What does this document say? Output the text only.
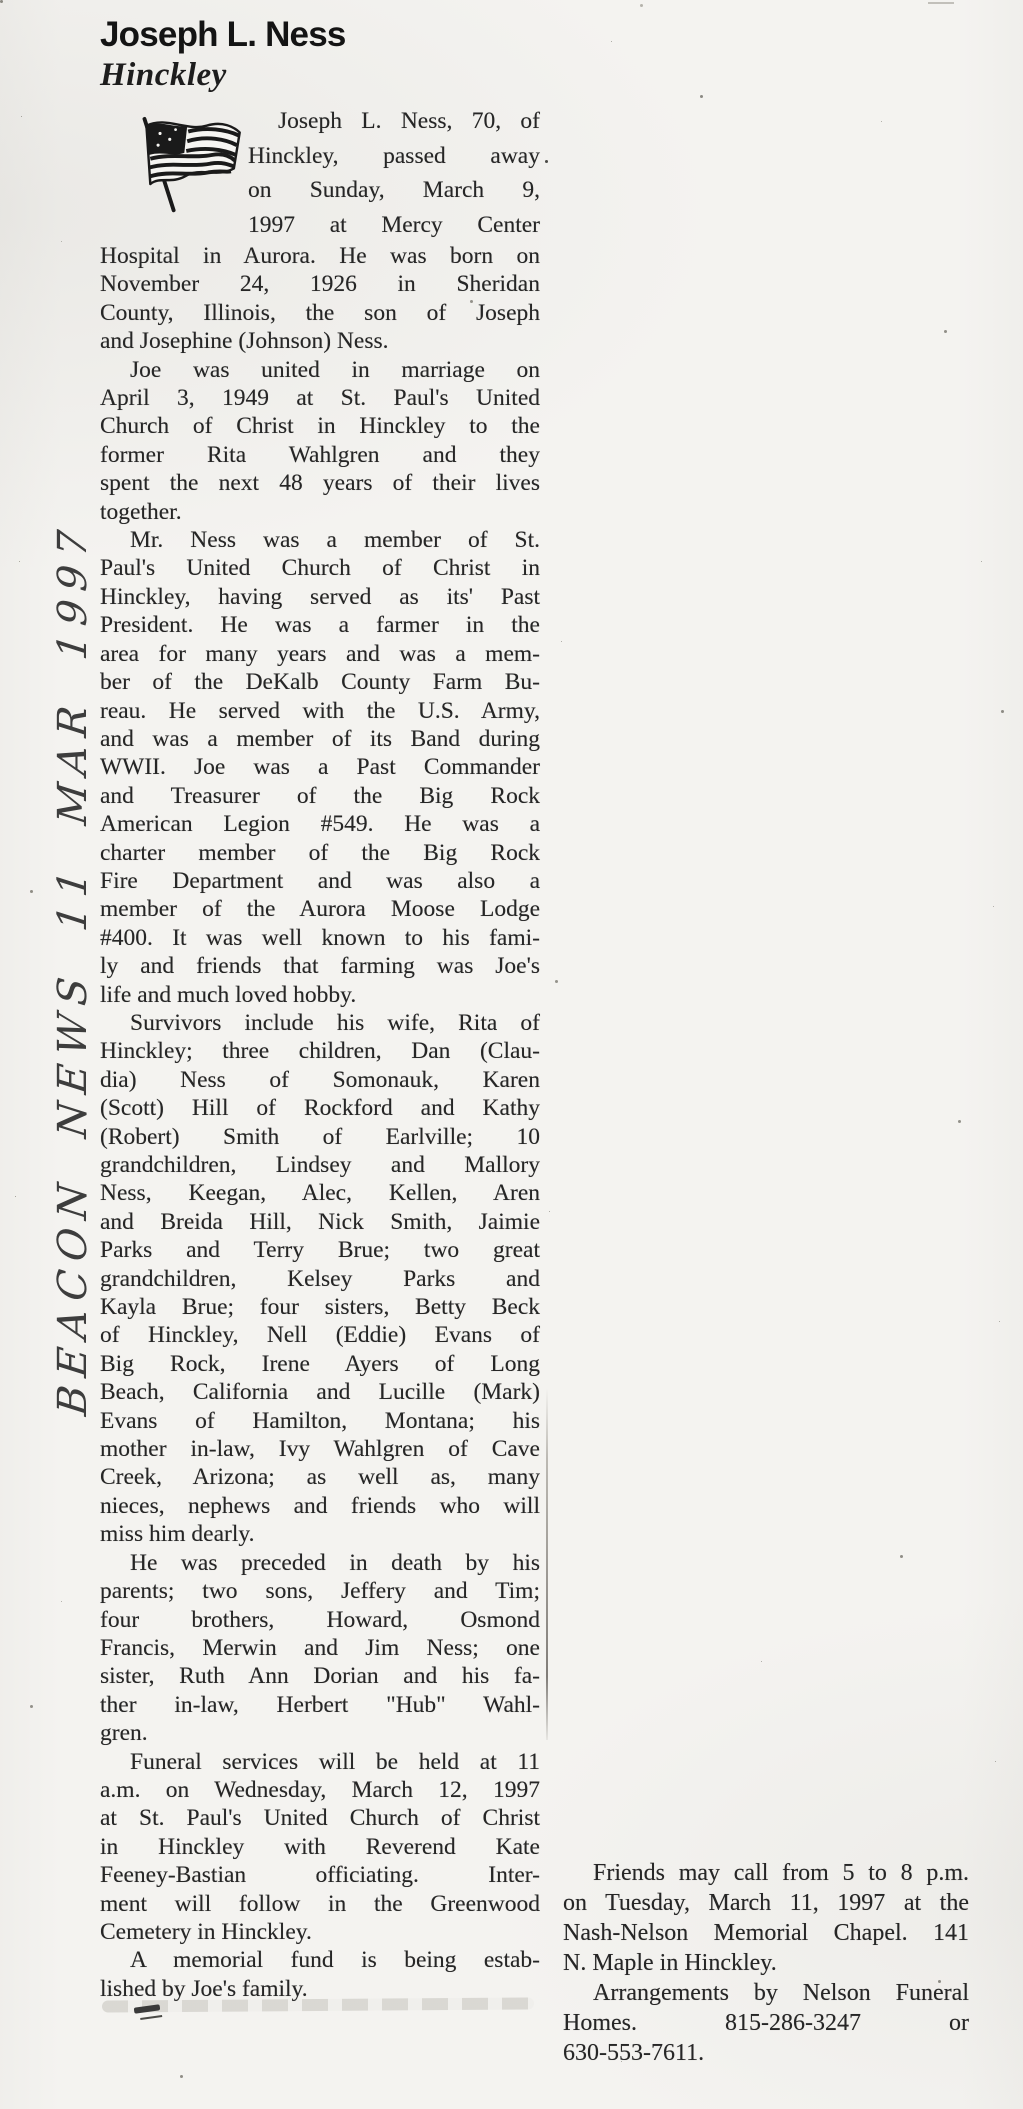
BEACON NEWS 11 MAR 1997
Joseph L. Ness
Hinckley
Joseph L. Ness, 70, of
Hinckley, passed away
on Sunday, March 9,
1997 at Mercy Center
Hospital in Aurora. He was born on
November 24, 1926 in Sheridan
County, Illinois, the son of Joseph
and Josephine (Johnson) Ness.
Joe was united in marriage on
April 3, 1949 at St. Paul's United
Church of Christ in Hinckley to the
former Rita Wahlgren and they
spent the next 48 years of their lives
together.
Mr. Ness was a member of St.
Paul's United Church of Christ in
Hinckley, having served as its' Past
President. He was a farmer in the
area for many years and was a mem-
ber of the DeKalb County Farm Bu-
reau. He served with the U.S. Army,
and was a member of its Band during
WWII. Joe was a Past Commander
and Treasurer of the Big Rock
American Legion #549. He was a
charter member of the Big Rock
Fire Department and was also a
member of the Aurora Moose Lodge
#400. It was well known to his fami-
ly and friends that farming was Joe's
life and much loved hobby.
Survivors include his wife, Rita of
Hinckley; three children, Dan (Clau-
dia) Ness of Somonauk, Karen
(Scott) Hill of Rockford and Kathy
(Robert) Smith of Earlville; 10
grandchildren, Lindsey and Mallory
Ness, Keegan, Alec, Kellen, Aren
and Breida Hill, Nick Smith, Jaimie
Parks and Terry Brue; two great
grandchildren, Kelsey Parks and
Kayla Brue; four sisters, Betty Beck
of Hinckley, Nell (Eddie) Evans of
Big Rock, Irene Ayers of Long
Beach, California and Lucille (Mark)
Evans of Hamilton, Montana; his
mother in-law, Ivy Wahlgren of Cave
Creek, Arizona; as well as, many
nieces, nephews and friends who will
miss him dearly.
He was preceded in death by his
parents; two sons, Jeffery and Tim;
four brothers, Howard, Osmond
Francis, Merwin and Jim Ness; one
sister, Ruth Ann Dorian and his fa-
ther in-law, Herbert "Hub" Wahl-
gren.
Funeral services will be held at 11
a.m. on Wednesday, March 12, 1997
at St. Paul's United Church of Christ
in Hinckley with Reverend Kate
Feeney-Bastian officiating. Inter-
ment will follow in the Greenwood
Cemetery in Hinckley.
A memorial fund is being estab-
lished by Joe's family.
Friends may call from 5 to 8 p.m.
on Tuesday, March 11, 1997 at the
Nash-Nelson Memorial Chapel. 141
N. Maple in Hinckley.
Arrangements by Nelson Funeral
Homes. 815-286-3247 or
630-553-7611.
